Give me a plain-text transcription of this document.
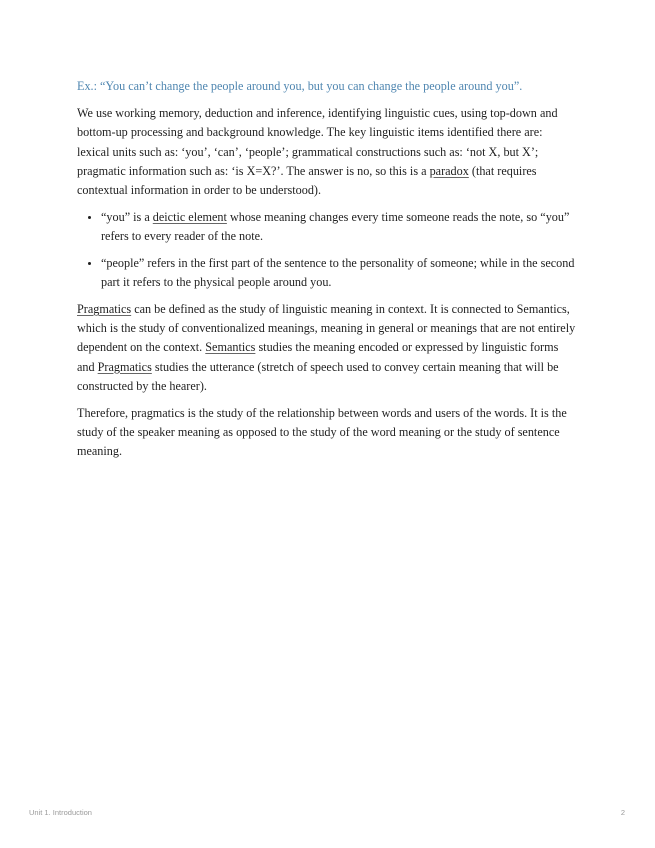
Ex.: “You can’t change the people around you, but you can change the people around you”.

We use working memory, deduction and inference, identifying linguistic cues, using top-down and bottom-up processing and background knowledge. The key linguistic items identified there are: lexical units such as: ‘you’, ‘can’, ‘people’; grammatical constructions such as: ‘not X, but X’; pragmatic information such as: ‘is X=X?’. The answer is no, so this is a paradox (that requires contextual information in order to be understood).

• “you” is a deictic element whose meaning changes every time someone reads the note, so “you” refers to every reader of the note.
• “people” refers in the first part of the sentence to the personality of someone; while in the second part it refers to the physical people around you.

Pragmatics can be defined as the study of linguistic meaning in context. It is connected to Semantics, which is the study of conventionalized meanings, meaning in general or meanings that are not entirely dependent on the context. Semantics studies the meaning encoded or expressed by linguistic forms and Pragmatics studies the utterance (stretch of speech used to convey certain meaning that will be constructed by the hearer).

Therefore, pragmatics is the study of the relationship between words and users of the words. It is the study of the speaker meaning as opposed to the study of the word meaning or the study of sentence meaning.

Unit 1. Introduction	2
